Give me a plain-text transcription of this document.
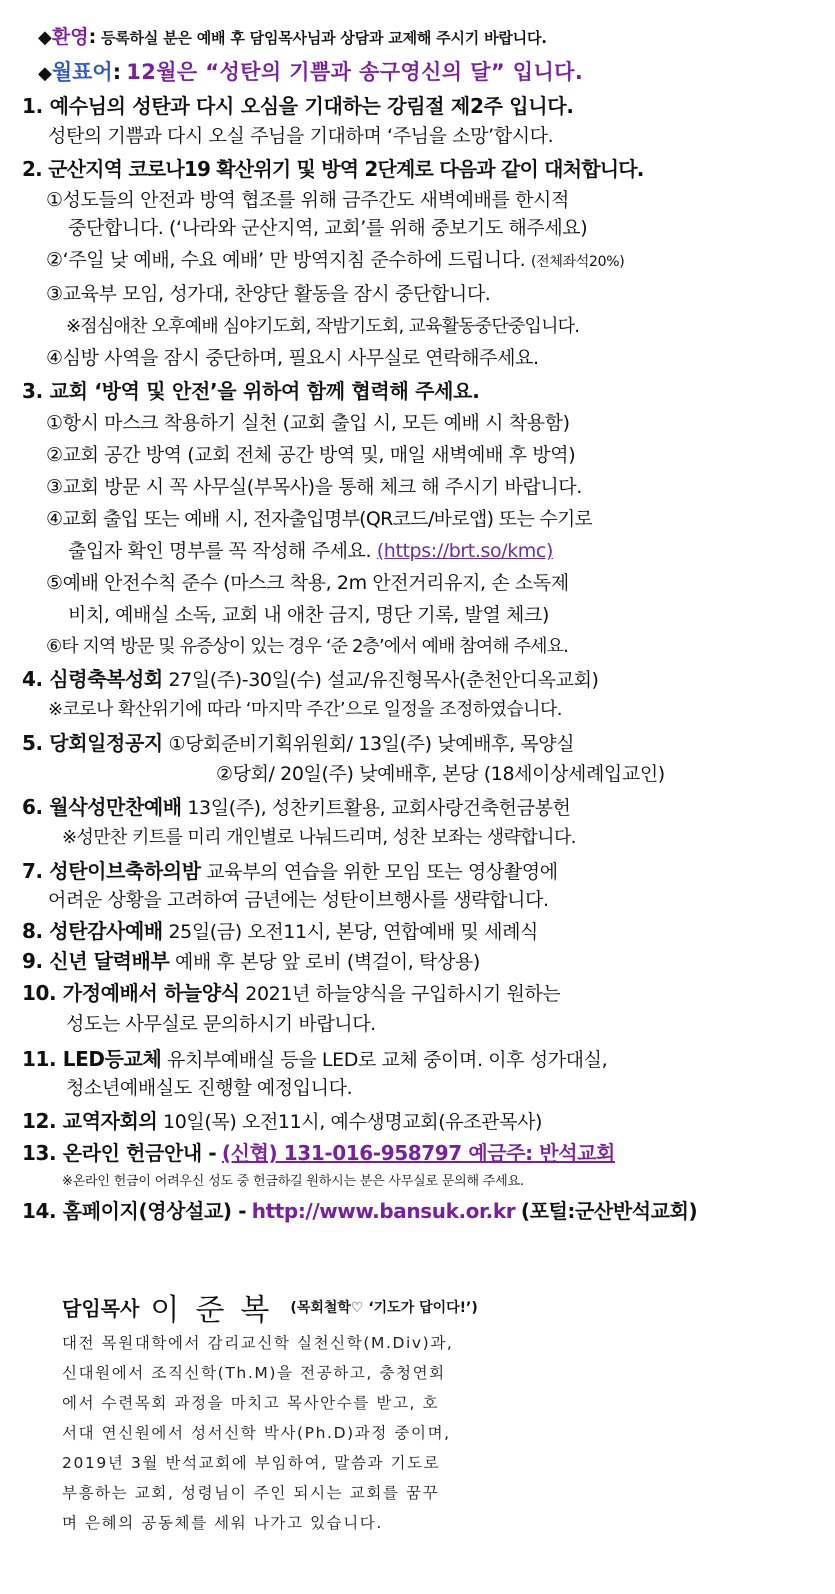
◆환영: 등록하실 분은 예배 후 담임목사님과 상담과 교제해 주시기 바랍니다.
◆월표어: 12월은 “성탄의 기쁨과 송구영신의 달” 입니다.
1. 예수님의 성탄과 다시 오심을 기대하는 강림절 제2주 입니다.
성탄의 기쁨과 다시 오실 주님을 기대하며 ‘주님을 소망’합시다.
2. 군산지역 코로나19 확산위기 및 방역 2단계로 다음과 같이 대처합니다.
①성도들의 안전과 방역 협조를 위해 금주간도 새벽예배를 한시적
중단합니다. (‘나라와 군산지역, 교회’를 위해 중보기도 해주세요)
②‘주일 낮 예배, 수요 예배’ 만 방역지침 준수하에 드립니다. (전체좌석20%)
③교육부 모임, 성가대, 찬양단 활동을 잠시 중단합니다.
※점심애찬 오후예배 심야기도회, 작밤기도회, 교육활동중단중입니다.
④심방 사역을 잠시 중단하며, 필요시 사무실로 연락해주세요.
3. 교회 ‘방역 및 안전’을 위하여 함께 협력해 주세요.
①항시 마스크 착용하기 실천 (교회 출입 시, 모든 예배 시 착용함)
②교회 공간 방역 (교회 전체 공간 방역 및, 매일 새벽예배 후 방역)
③교회 방문 시 꼭 사무실(부목사)을 통해 체크 해 주시기 바랍니다.
④교회 출입 또는 예배 시, 전자출입명부(QR코드/바로앱) 또는 수기로
출입자 확인 명부를 꼭 작성해 주세요. (https://brt.so/kmc)
⑤예배 안전수칙 준수 (마스크 착용, 2m 안전거리유지, 손 소독제
비치, 예배실 소독, 교회 내 애찬 금지, 명단 기록, 발열 체크)
⑥타 지역 방문 및 유증상이 있는 경우 ‘준 2층’에서 예배 참여해 주세요.
4. 심령축복성회 27일(주)-30일(수) 설교/유진형목사(춘천안디옥교회)
※코로나 확산위기에 따라 ‘마지막 주간’으로 일정을 조정하였습니다.
5. 당회일정공지 ①당회준비기획위원회/ 13일(주) 낮예배후, 목양실
②당회/ 20일(주) 낮예배후, 본당 (18세이상세례입교인)
6. 월삭성만찬예배 13일(주), 성찬키트활용, 교회사랑건축헌금봉헌
※성만찬 키트를 미리 개인별로 나눠드리며, 성찬 보좌는 생략합니다.
7. 성탄이브축하의밤 교육부의 연습을 위한 모임 또는 영상촬영에
어려운 상황을 고려하여 금년에는 성탄이브행사를 생략합니다.
8. 성탄감사예배 25일(금) 오전11시, 본당, 연합예배 및 세례식
9. 신년 달력배부 예배 후 본당 앞 로비 (벽걸이, 탁상용)
10. 가정예배서 하늘양식 2021년 하늘양식을 구입하시기 원하는
성도는 사무실로 문의하시기 바랍니다.
11. LED등교체 유치부예배실 등을 LED로 교체 중이며. 이후 성가대실,
청소년예배실도 진행할 예정입니다.
12. 교역자회의 10일(목) 오전11시, 예수생명교회(유조관목사)
13. 온라인 헌금안내 - (신협) 131-016-958797 예금주: 반석교회
※온라인 헌금이 어려우신 성도 중 헌금하길 원하시는 분은 사무실로 문의해 주세요.
14. 홈페이지(영상설교) - http://www.bansuk.or.kr (포털:군산반석교회)
담임목사 이준복 (목회철학♡ ‘기도가 답이다!’)
대전 목원대학에서 감리교신학 실천신학(M.Div)과,
신대원에서 조직신학(Th.M)을 전공하고, 충청연회
에서 수련목회 과정을 마치고 목사안수를 받고, 호
서대 연신원에서 성서신학 박사(Ph.D)과정 중이며,
2019년 3월 반석교회에 부임하여, 말씀과 기도로
부흥하는 교회, 성령님이 주인 되시는 교회를 꿈꾸
며 은혜의 공동체를 세워 나가고 있습니다.
